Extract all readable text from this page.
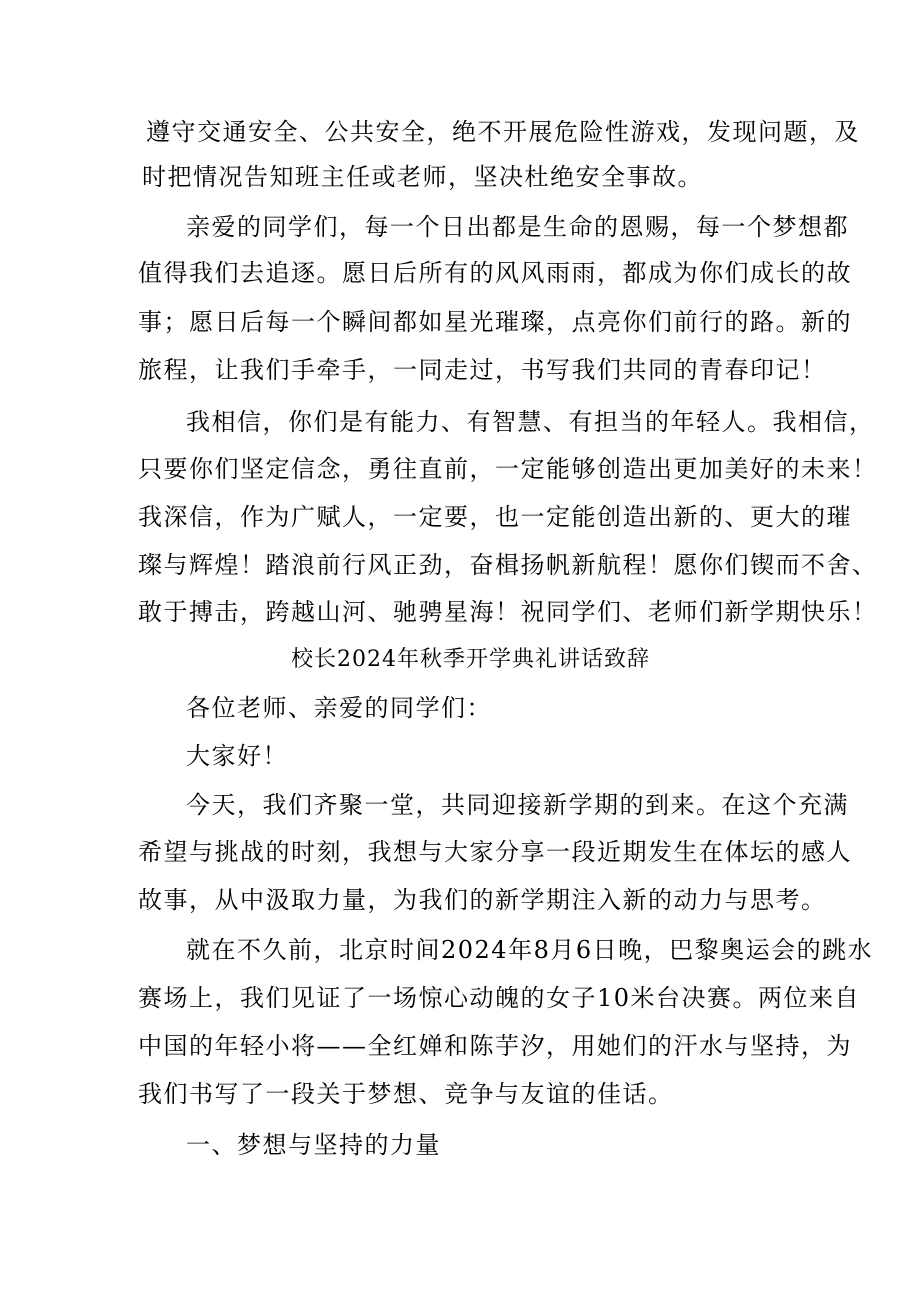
遵守交通安全、公共安全，绝不开展危险性游戏，发现问题，及
时把情况告知班主任或老师，坚决杜绝安全事故。
亲爱的同学们，每一个日出都是生命的恩赐，每一个梦想都
值得我们去追逐。愿日后所有的风风雨雨，都成为你们成长的故
事；愿日后每一个瞬间都如星光璀璨，点亮你们前行的路。新的
旅程，让我们手牵手，一同走过，书写我们共同的青春印记！
我相信，你们是有能力、有智慧、有担当的年轻人。我相信，
只要你们坚定信念，勇往直前，一定能够创造出更加美好的未来！
我深信，作为广赋人，一定要，也一定能创造出新的、更大的璀
璨与辉煌！踏浪前行风正劲，奋楫扬帆新航程！愿你们锲而不舍、
敢于搏击，跨越山河、驰骋星海！祝同学们、老师们新学期快乐！
校长2024年秋季开学典礼讲话致辞
各位老师、亲爱的同学们：
大家好！
今天，我们齐聚一堂，共同迎接新学期的到来。在这个充满
希望与挑战的时刻，我想与大家分享一段近期发生在体坛的感人
故事，从中汲取力量，为我们的新学期注入新的动力与思考。
就在不久前，北京时间2024年8月6日晚，巴黎奥运会的跳水
赛场上，我们见证了一场惊心动魄的女子10米台决赛。两位来自
中国的年轻小将——全红婵和陈芋汐，用她们的汗水与坚持，为
我们书写了一段关于梦想、竞争与友谊的佳话。
一、梦想与坚持的力量
